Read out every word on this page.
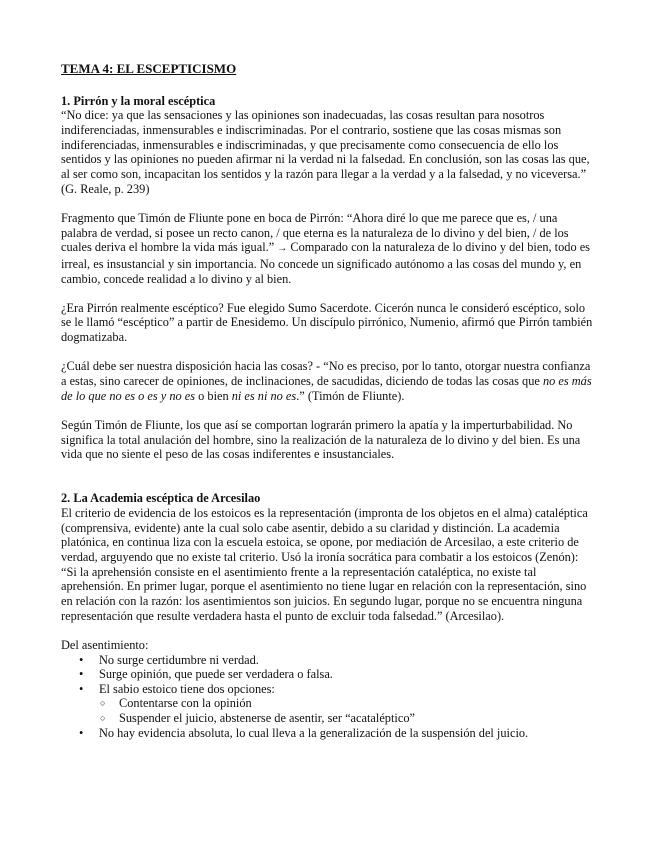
TEMA 4: EL ESCEPTICISMO

1. Pirrón y la moral escéptica

“No dice: ya que las sensaciones y las opiniones son inadecuadas, las cosas resultan para nosotros indiferenciadas, inmensurables e indiscriminadas. Por el contrario, sostiene que las cosas mismas son indiferenciadas, inmensurables e indiscriminadas, y que precisamente como consecuencia de ello los sentidos y las opiniones no pueden afirmar ni la verdad ni la falsedad. En conclusión, son las cosas las que, al ser como son, incapacitan los sentidos y la razón para llegar a la verdad y a la falsedad, y no viceversa.” (G. Reale, p. 239)

Fragmento que Timón de Fliunte pone en boca de Pirrón: “Ahora diré lo que me parece que es, / una palabra de verdad, si posee un recto canon, / que eterna es la naturaleza de lo divino y del bien, / de los cuales deriva el hombre la vida más igual.” → Comparado con la naturaleza de lo divino y del bien, todo es irreal, es insustancial y sin importancia. No concede un significado autónomo a las cosas del mundo y, en cambio, concede realidad a lo divino y al bien.

¿Era Pirrón realmente escéptico? Fue elegido Sumo Sacerdote. Cicerón nunca le consideró escéptico, solo se le llamó “escéptico” a partir de Enesidemo. Un discípulo pirrónico, Numenio, afirmó que Pirrón también dogmatizaba.

¿Cuál debe ser nuestra disposición hacia las cosas? - “No es preciso, por lo tanto, otorgar nuestra confianza a estas, sino carecer de opiniones, de inclinaciones, de sacudidas, diciendo de todas las cosas que no es más de lo que no es o es y no es o bien ni es ni no es.” (Timón de Fliunte).

Según Timón de Fliunte, los que así se comportan lograrán primero la apatía y la imperturbabilidad. No significa la total anulación del hombre, sino la realización de la naturaleza de lo divino y del bien. Es una vida que no siente el peso de las cosas indiferentes e insustanciales.

2. La Academia escéptica de Arcesilao

El criterio de evidencia de los estoicos es la representación (impronta de los objetos en el alma) cataléptica (comprensiva, evidente) ante la cual solo cabe asentir, debido a su claridad y distinción. La academia platónica, en continua liza con la escuela estoica, se opone, por mediación de Arcesilao, a este criterio de verdad, arguyendo que no existe tal criterio. Usó la ironía socrática para combatir a los estoicos (Zenón): “Si la aprehensión consiste en el asentimiento frente a la representación cataléptica, no existe tal aprehensión. En primer lugar, porque el asentimiento no tiene lugar en relación con la representación, sino en relación con la razón: los asentimientos son juicios. En segundo lugar, porque no se encuentra ninguna representación que resulte verdadera hasta el punto de excluir toda falsedad.” (Arcesilao).

Del asentimiento:

• No surge certidumbre ni verdad.
• Surge opinión, que puede ser verdadera o falsa.
• El sabio estoico tiene dos opciones:
○ Contentarse con la opinión
○ Suspender el juicio, abstenerse de asentir, ser “acataléptico”
• No hay evidencia absoluta, lo cual lleva a la generalización de la suspensión del juicio.
